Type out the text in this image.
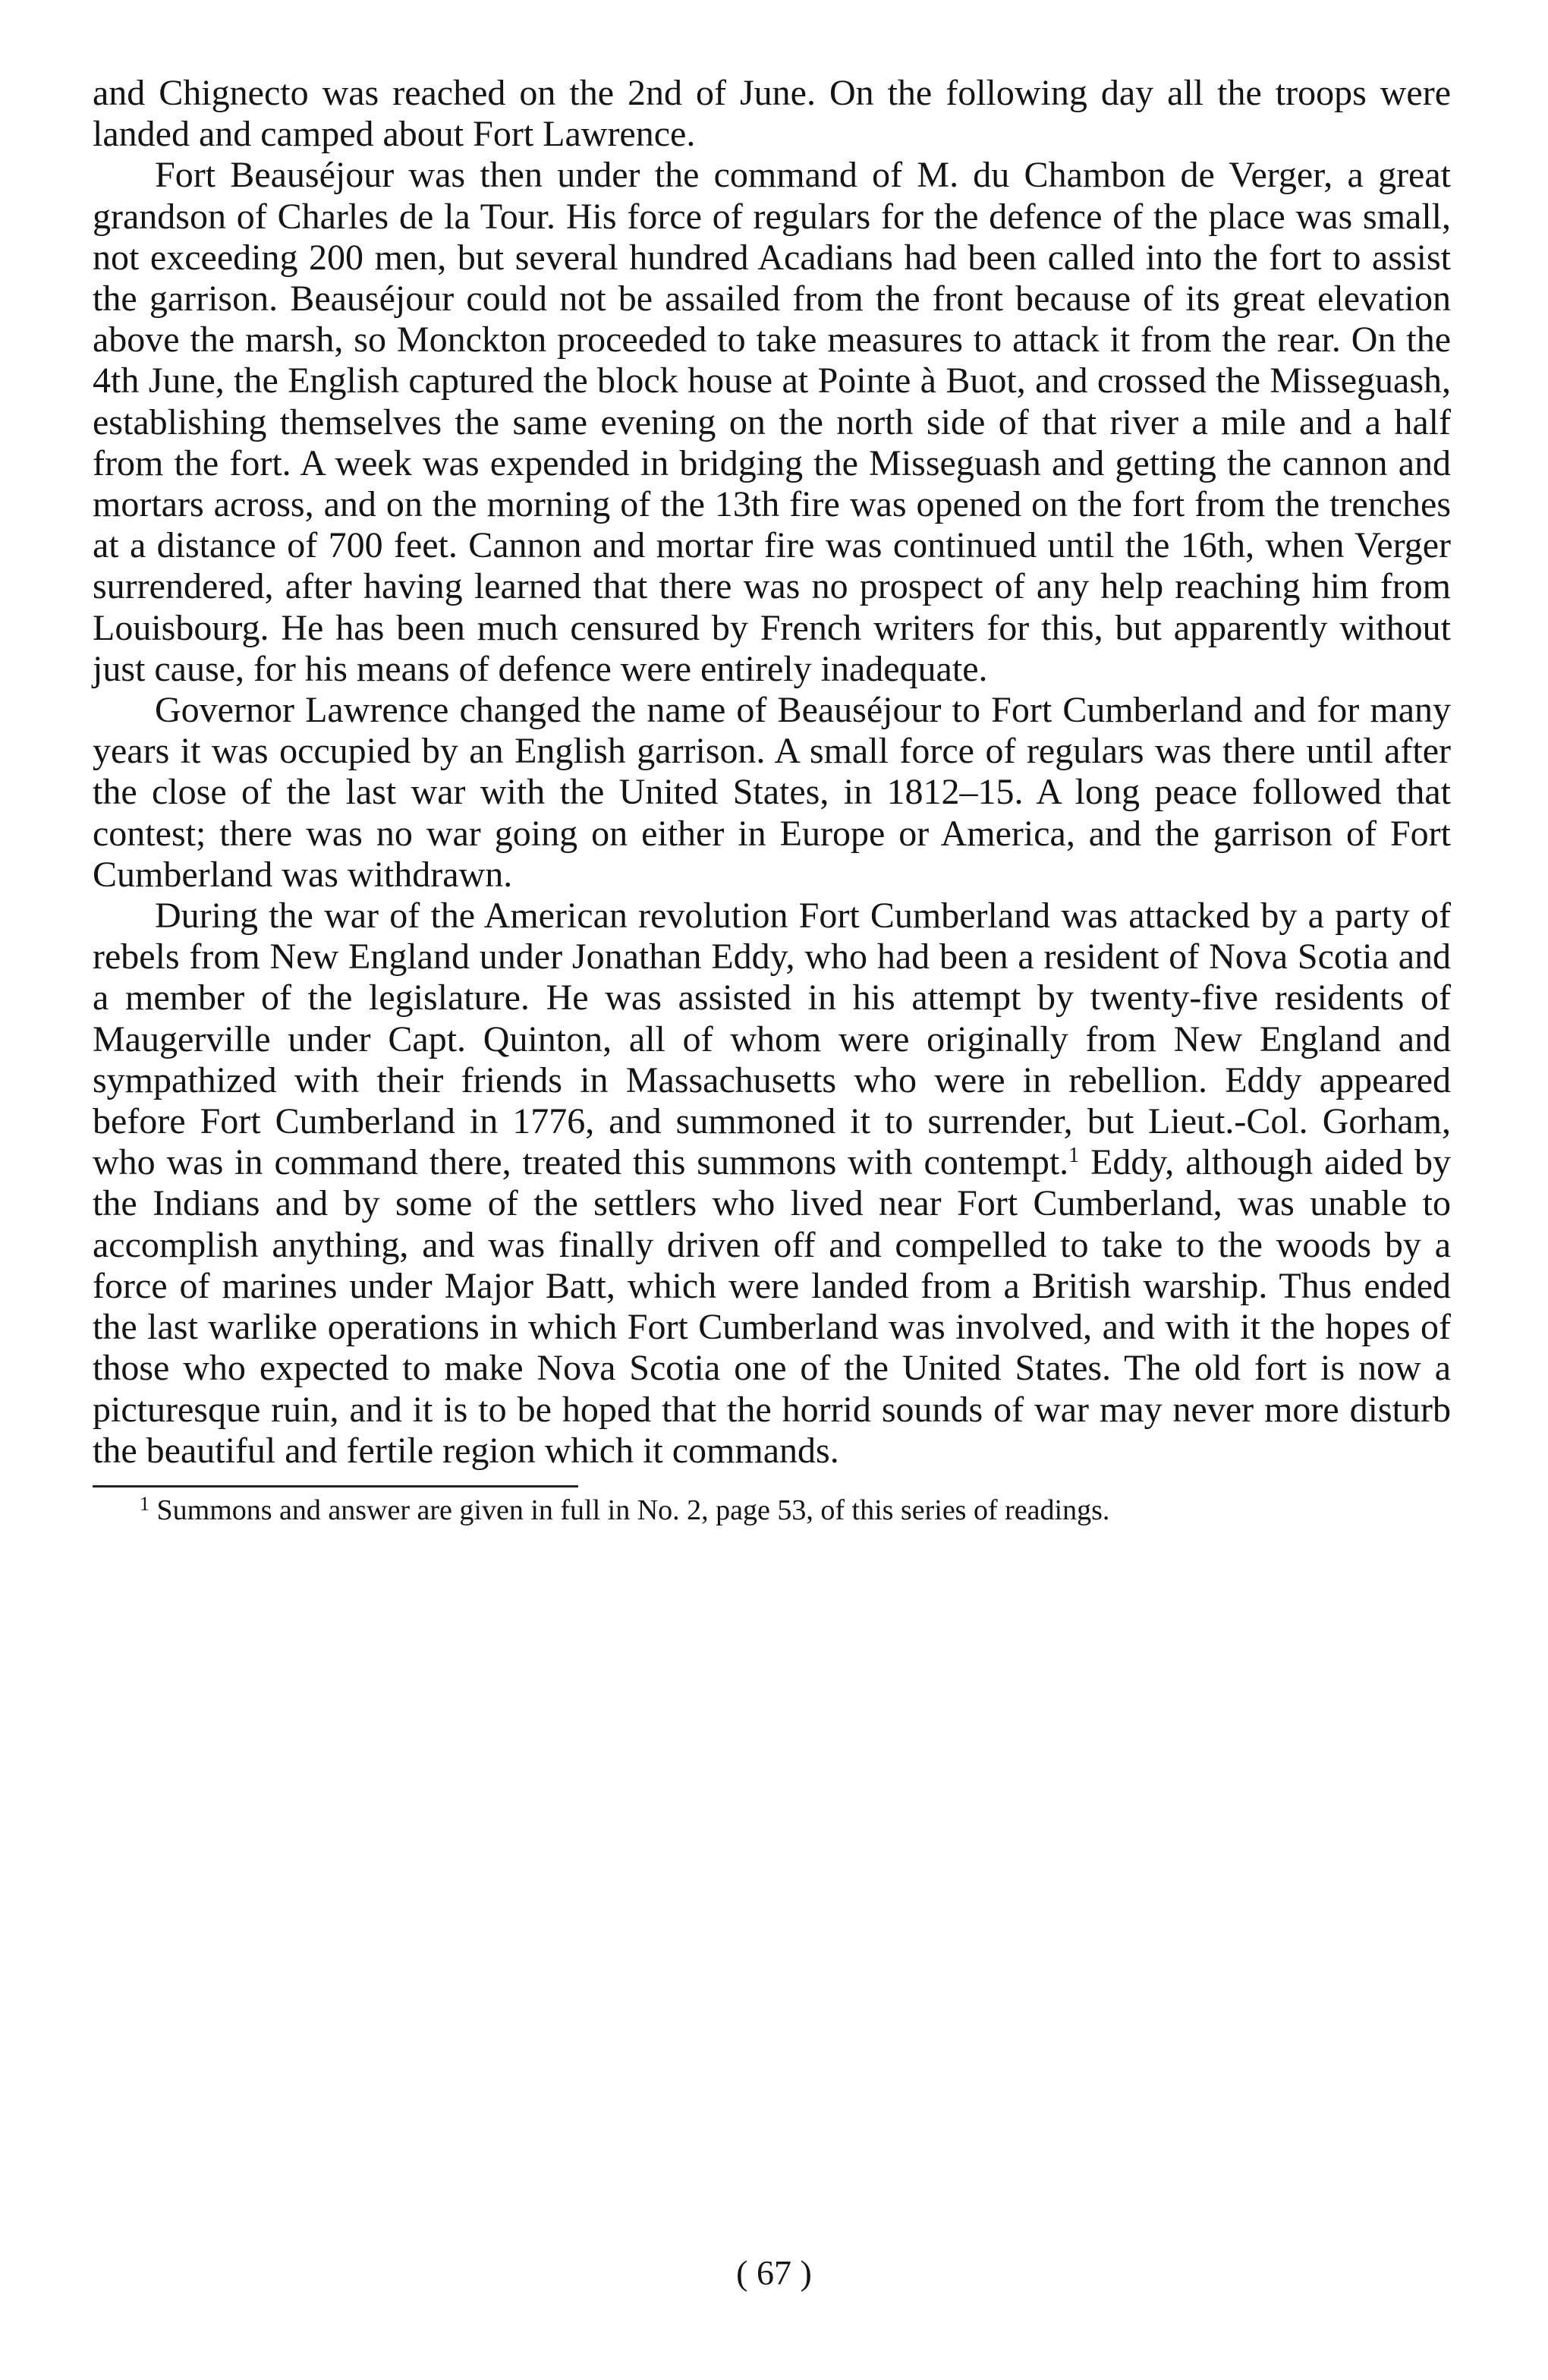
and Chignecto was reached on the 2nd of June. On the following day all the troops were landed and camped about Fort Lawrence.

Fort Beauséjour was then under the command of M. du Chambon de Verger, a great grandson of Charles de la Tour. His force of regulars for the defence of the place was small, not exceeding 200 men, but several hundred Acadians had been called into the fort to assist the garrison. Beauséjour could not be assailed from the front because of its great elevation above the marsh, so Monckton proceeded to take measures to attack it from the rear. On the 4th June, the English captured the block house at Pointe à Buot, and crossed the Misseguash, establishing themselves the same evening on the north side of that river a mile and a half from the fort. A week was expended in bridging the Misseguash and getting the cannon and mortars across, and on the morning of the 13th fire was opened on the fort from the trenches at a distance of 700 feet. Cannon and mortar fire was continued until the 16th, when Verger surrendered, after having learned that there was no prospect of any help reaching him from Louisbourg. He has been much censured by French writers for this, but apparently without just cause, for his means of defence were entirely inadequate.

Governor Lawrence changed the name of Beauséjour to Fort Cumberland and for many years it was occupied by an English garrison. A small force of regulars was there until after the close of the last war with the United States, in 1812–15. A long peace followed that contest; there was no war going on either in Europe or America, and the garrison of Fort Cumberland was withdrawn.

During the war of the American revolution Fort Cumberland was attacked by a party of rebels from New England under Jonathan Eddy, who had been a resident of Nova Scotia and a member of the legislature. He was assisted in his attempt by twenty-five residents of Maugerville under Capt. Quinton, all of whom were originally from New England and sympathized with their friends in Massachusetts who were in rebellion. Eddy appeared before Fort Cumberland in 1776, and summoned it to surrender, but Lieut.-Col. Gorham, who was in command there, treated this summons with contempt.$^1$ Eddy, although aided by the Indians and by some of the settlers who lived near Fort Cumberland, was unable to accomplish anything, and was finally driven off and compelled to take to the woods by a force of marines under Major Batt, which were landed from a British warship. Thus ended the last warlike operations in which Fort Cumberland was involved, and with it the hopes of those who expected to make Nova Scotia one of the United States. The old fort is now a picturesque ruin, and it is to be hoped that the horrid sounds of war may never more disturb the beautiful and fertile region which it commands.

$^1$ Summons and answer are given in full in No. 2, page 53, of this series of readings.

( 67 )
